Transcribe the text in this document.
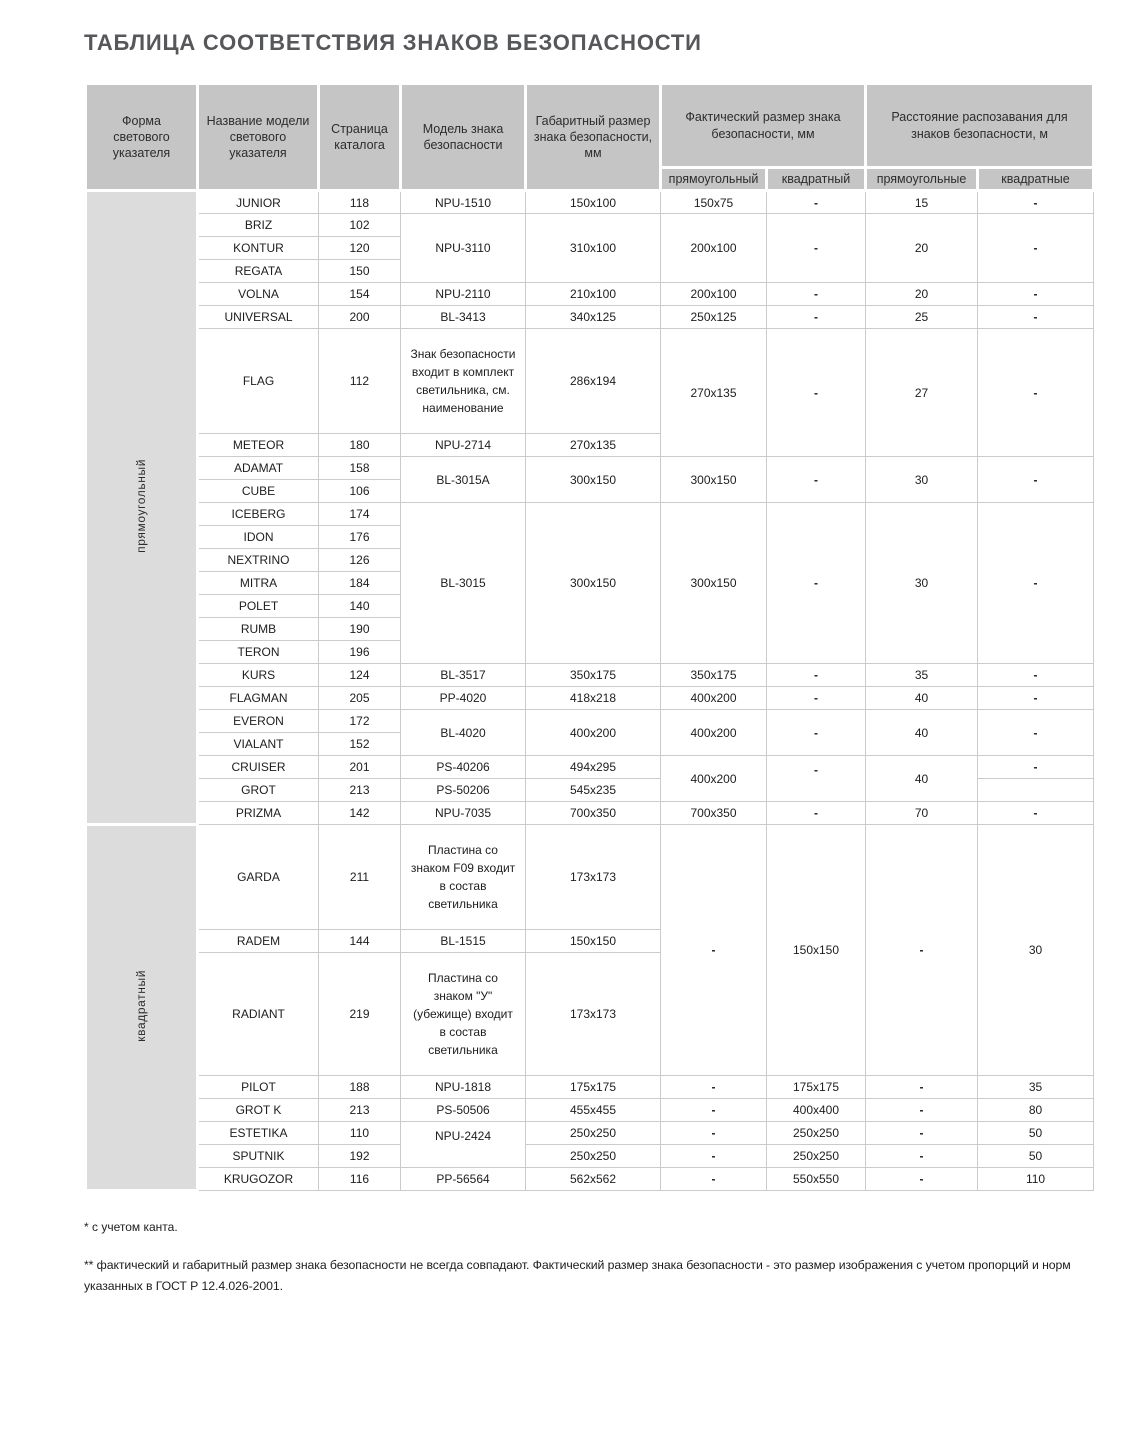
ТАБЛИЦА СООТВЕТСТВИЯ ЗНАКОВ БЕЗОПАСНОСТИ
Форма светового указателя	Название модели светового указателя	Страница каталога	Модель знака безопасности	Габаритный размер знака безопасности, мм	Фактический размер знака безопасности, мм		Расстояние распозавания для знаков безопасности, м	
					прямоугольный	квадратный	прямоугольные	квадратные
прямоугольный	JUNIOR	118	NPU-1510	150x100	150x75	-	15	-
	BRIZ	102	NPU-3110	310x100	200x100	-	20	-
	KONTUR	120						
	REGATA	150						
	VOLNA	154	NPU-2110	210x100	200x100	-	20	-
	UNIVERSAL	200	BL-3413	340x125	250x125	-	25	-
	FLAG	112	Знак безопасности входит в комплект светильника, см. наименование	286x194	270x135	-	27	-
	METEOR	180	NPU-2714	270x135				
	ADAMAT	158	BL-3015A	300x150	300x150	-	30	-
	CUBE	106						
	ICEBERG	174	BL-3015	300x150	300x150	-	30	-
	IDON	176						
	NEXTRINO	126						
	MITRA	184						
	POLET	140						
	RUMB	190						
	TERON	196						
	KURS	124	BL-3517	350x175	350x175	-	35	-
	FLAGMAN	205	PP-4020	418x218	400x200	-	40	-
	EVERON	172	BL-4020	400x200	400x200	-	40	-
	VIALANT	152						
	CRUISER	201	PS-40206	494x295	400x200	-	40	-
	GROT	213	PS-50206	545x235				
	PRIZMA	142	NPU-7035	700x350	700x350	-	70	-
квадратный	GARDA	211	Пластина со знаком F09 входит в состав светильника	173x173	-	150x150	-	30
	RADEM	144	BL-1515	150x150				
	RADIANT	219	Пластина со знаком "У" (убежище) входит в состав светильника	173x173				
	PILOT	188	NPU-1818	175x175	-	175x175	-	35
	GROT K	213	PS-50506	455x455	-	400x400	-	80
	ESTETIKA	110	NPU-2424	250x250	-	250x250	-	50
	SPUTNIK	192		250x250	-	250x250	-	50
	KRUGOZOR	116	PP-56564	562x562	-	550x550	-	110

* с учетом канта.

** фактический и габаритный размер знака безопасности не всегда совпадают. Фактический размер знака безопасности - это размер изображения с учетом пропорций и норм указанных в ГОСТ Р 12.4.026-2001.
